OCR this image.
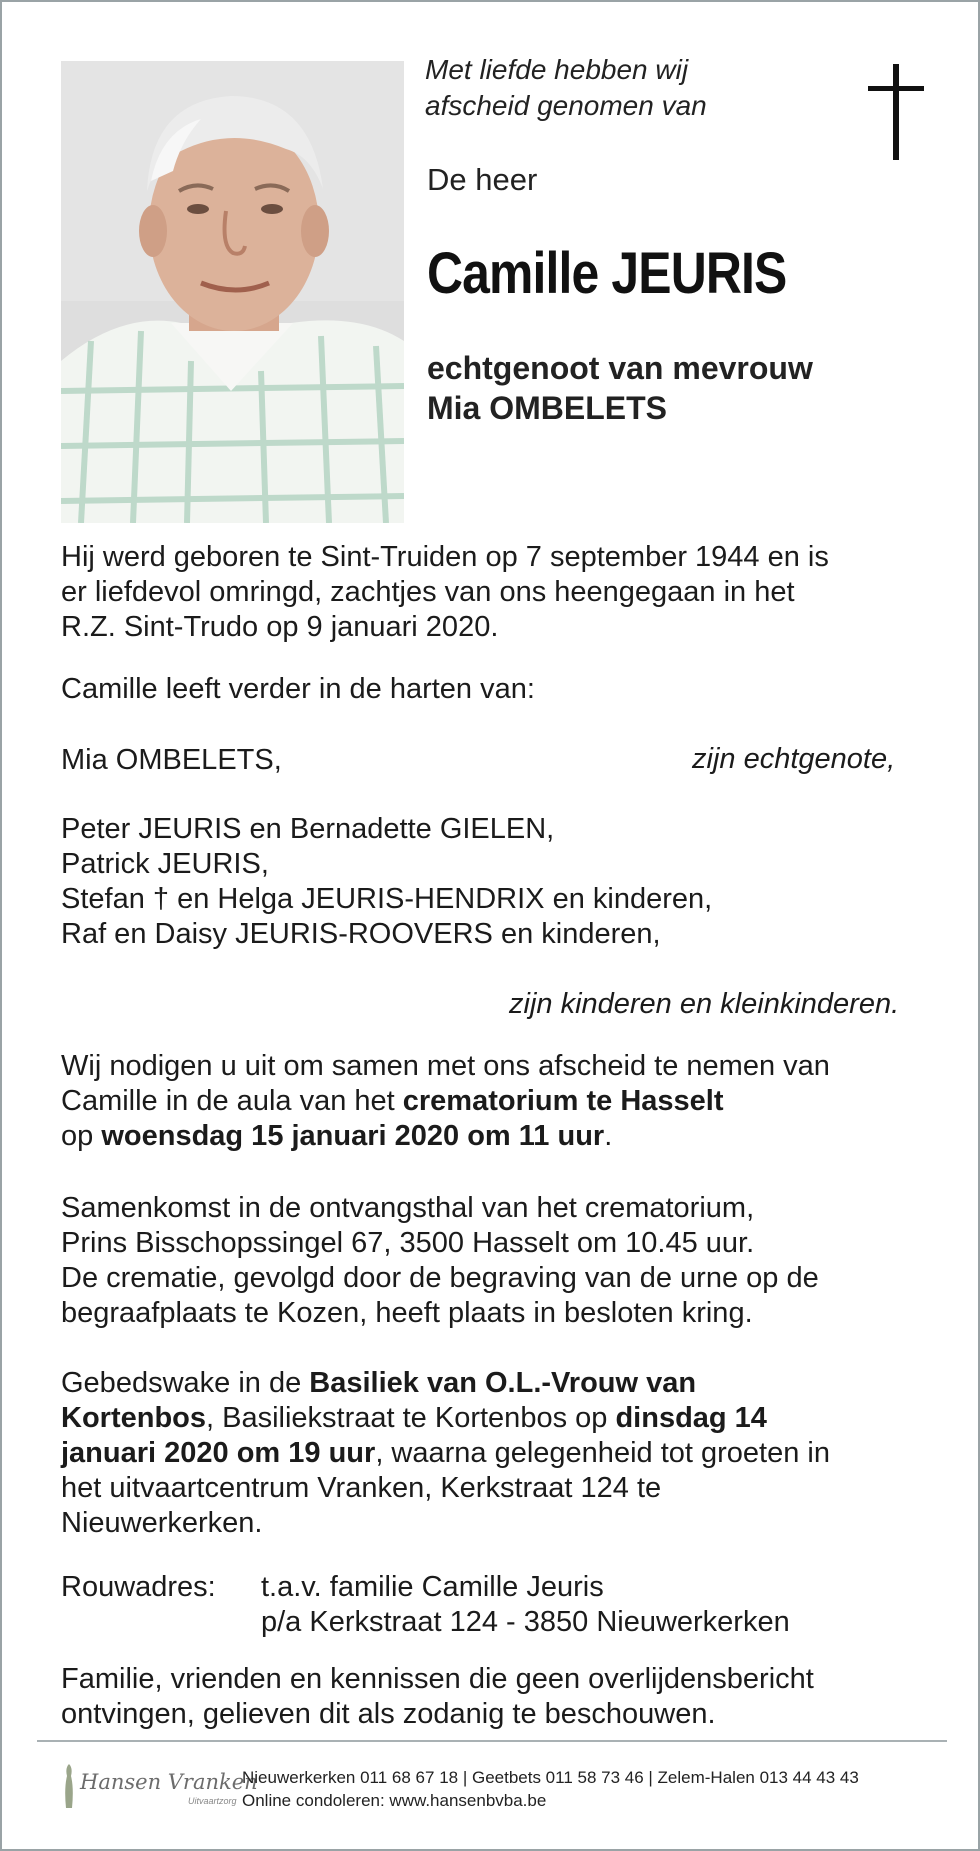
Met liefde hebben wij
afscheid genomen van
De heer
Camille JEURIS
echtgenoot van mevrouw
Mia OMBELETS

Hij werd geboren te Sint-Truiden op 7 september 1944 en is

er liefdevol omringd, zachtjes van ons heengegaan in het

R.Z. Sint-Trudo op 9 januari 2020.

Camille leeft verder in de harten van:
Mia OMBELETS,	zijn echtgenote,

Peter JEURIS en Bernadette GIELEN,

Patrick JEURIS,

Stefan † en Helga JEURIS-HENDRIX en kinderen,

Raf en Daisy JEURIS-ROOVERS en kinderen,

zijn kinderen en kleinkinderen.

Wij nodigen u uit om samen met ons afscheid te nemen van

Camille in de aula van het crematorium te Hasselt

op woensdag 15 januari 2020 om 11 uur.

Samenkomst in de ontvangsthal van het crematorium,

Prins Bisschopssingel 67, 3500 Hasselt om 10.45 uur.

De crematie, gevolgd door de begraving van de urne op de

begraafplaats te Kozen, heeft plaats in besloten kring.

Gebedswake in de Basiliek van O.L.-Vrouw van

Kortenbos, Basiliekstraat te Kortenbos op dinsdag 14

januari 2020 om 19 uur, waarna gelegenheid tot groeten in

het uitvaartcentrum Vranken, Kerkstraat 124 te

Nieuwerkerken.

Rouwadres: t.a.v. familie Camille Jeuris

p/a Kerkstraat 124 - 3850 Nieuwerkerken

Familie, vrienden en kennissen die geen overlijdensbericht

ontvingen, gelieven dit als zodanig te beschouwen.

Hansen Vranken
Uitvaartzorg
Nieuwerkerken 011 68 67 18 | Geetbets 011 58 73 46 | Zelem-Halen 013 44 43 43
Online condoleren: www.hansenbvba.be
